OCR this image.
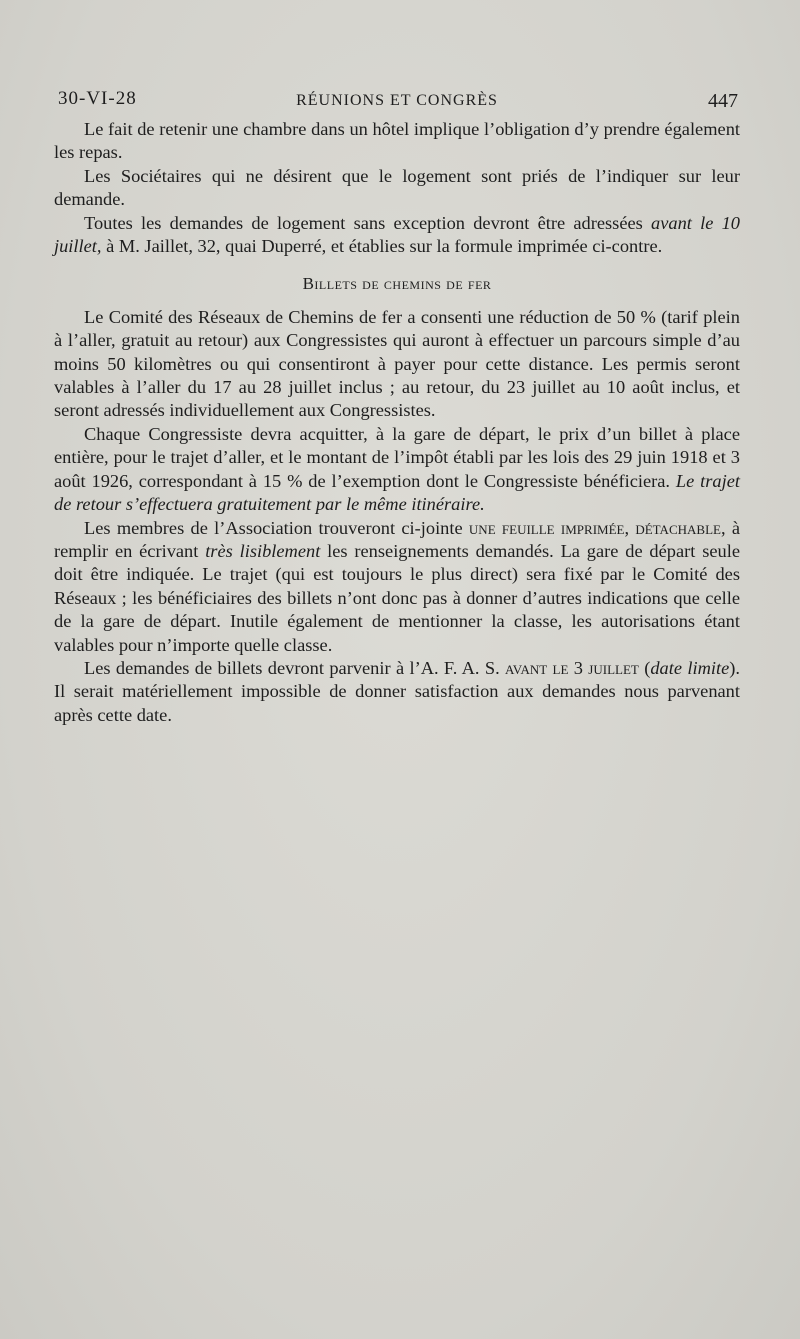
30-VI-28	RÉUNIONS ET CONGRÈS	447

Le fait de retenir une chambre dans un hôtel implique l’obligation d’y prendre également les repas.

Les Sociétaires qui ne désirent que le logement sont priés de l’indiquer sur leur demande.

Toutes les demandes de logement sans exception devront être adressées avant le 10 juillet, à M. Jaillet, 32, quai Duperré, et établies sur la formule imprimée ci-contre.

Billets de chemins de fer

Le Comité des Réseaux de Chemins de fer a consenti une réduction de 50 % (tarif plein à l’aller, gratuit au retour) aux Congressistes qui auront à effectuer un parcours simple d’au moins 50 kilomètres ou qui consentiront à payer pour cette distance. Les permis seront valables à l’aller du 17 au 28 juillet inclus ; au retour, du 23 juillet au 10 août inclus, et seront adressés individuellement aux Congressistes.

Chaque Congressiste devra acquitter, à la gare de départ, le prix d’un billet à place entière, pour le trajet d’aller, et le montant de l’impôt établi par les lois des 29 juin 1918 et 3 août 1926, correspondant à 15 % de l’exemption dont le Congressiste bénéficiera. Le trajet de retour s’effectuera gratuitement par le même itinéraire.

Les membres de l’Association trouveront ci-jointe une feuille imprimée, détachable, à remplir en écrivant très lisiblement les renseignements demandés. La gare de départ seule doit être indiquée. Le trajet (qui est toujours le plus direct) sera fixé par le Comité des Réseaux ; les bénéficiaires des billets n’ont donc pas à donner d’autres indications que celle de la gare de départ. Inutile également de mentionner la classe, les autorisations étant valables pour n’importe quelle classe.

Les demandes de billets devront parvenir à l’A. F. A. S. avant le 3 juillet (date limite). Il serait matériellement impossible de donner satisfaction aux demandes nous parvenant après cette date.
